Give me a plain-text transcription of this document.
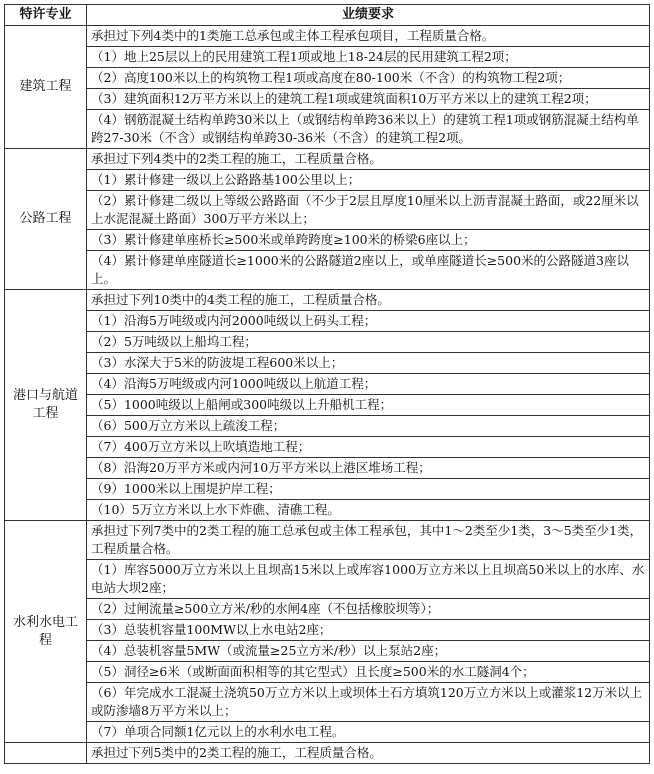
特许专业	业绩要求
建筑工程	承担过下列4类中的1类施工总承包或主体工程承包项目，工程质量合格。
	（1）地上25层以上的民用建筑工程1项或地上18-24层的民用建筑工程2项；
	（2）高度100米以上的构筑物工程1项或高度在80-100米（不含）的构筑物工程2项；
	（3）建筑面积12万平方米以上的建筑工程1项或建筑面积10万平方米以上的建筑工程2项；
	（4）钢筋混凝土结构单跨30米以上（或钢结构单跨36米以上）的建筑工程1项或钢筋混凝土结构单跨27-30米（不含）或钢结构单跨30-36米（不含）的建筑工程2项。
公路工程	承担过下列4类中的2类工程的施工，工程质量合格。
	（1）累计修建一级以上公路路基100公里以上；
	（2）累计修建二级以上等级公路路面（不少于2层且厚度10厘米以上沥青混凝土路面，或22厘米以上水泥混凝土路面）300万平方米以上；
	（3）累计修建单座桥长≥500米或单跨跨度≥100米的桥梁6座以上；
	（4）累计修建单座隧道长≥1000米的公路隧道2座以上，或单座隧道长≥500米的公路隧道3座以上。
港口与航道工程	承担过下列10类中的4类工程的施工，工程质量合格。
	（1）沿海5万吨级或内河2000吨级以上码头工程；
	（2）5万吨级以上船坞工程；
	（3）水深大于5米的防波堤工程600米以上；
	（4）沿海5万吨级或内河1000吨级以上航道工程；
	（5）1000吨级以上船闸或300吨级以上升船机工程；
	（6）500万立方米以上疏浚工程；
	（7）400万立方米以上吹填造地工程；
	（8）沿海20万平方米或内河10万平方米以上港区堆场工程；
	（9）1000米以上围堤护岸工程；
	（10）5万立方米以上水下炸礁、清礁工程。
水利水电工程	承担过下列7类中的2类工程的施工总承包或主体工程承包，其中1～2类至少1类，3～5类至少1类，工程质量合格。
	（1）库容5000万立方米以上且坝高15米以上或库容1000万立方米以上且坝高50米以上的水库、水电站大坝2座；
	（2）过闸流量≥500立方米/秒的水闸4座（不包括橡胶坝等）；
	（3）总装机容量100MW以上水电站2座；
	（4）总装机容量5MW（或流量≥25立方米/秒）以上泵站2座；
	（5）洞径≥6米（或断面面积相等的其它型式）且长度≥500米的水工隧洞4个；
	（6）年完成水工混凝土浇筑50万立方米以上或坝体土石方填筑120万立方米以上或灌浆12万米以上或防渗墙8万平方米以上；
	（7）单项合同额1亿元以上的水利水电工程。
	承担过下列5类中的2类工程的施工，工程质量合格。
